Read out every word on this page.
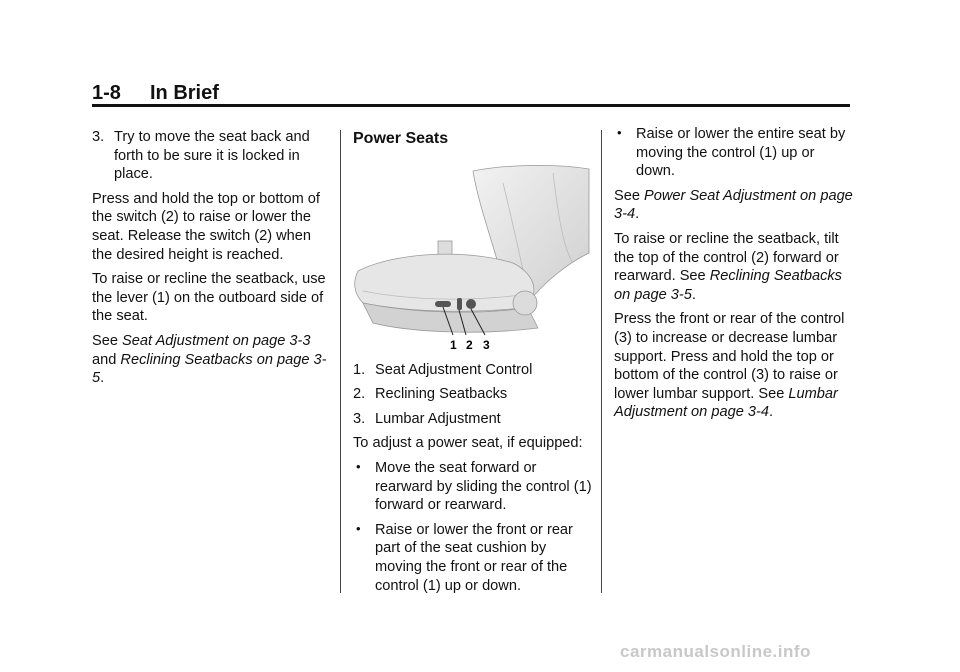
1-8 In Brief

3. Try to move the seat back and forth to be sure it is locked in place.

Press and hold the top or bottom of the switch (2) to raise or lower the seat. Release the switch (2) when the desired height is reached.

To raise or recline the seatback, use the lever (1) on the outboard side of the seat.

See Seat Adjustment on page 3-3 and Reclining Seatbacks on page 3-5.

Power Seats
1 2 3

1. Seat Adjustment Control

2. Reclining Seatbacks

3. Lumbar Adjustment

To adjust a power seat, if equipped:

• Move the seat forward or rearward by sliding the control (1) forward or rearward.

• Raise or lower the front or rear part of the seat cushion by moving the front or rear of the control (1) up or down.

• Raise or lower the entire seat by moving the control (1) up or down.

See Power Seat Adjustment on page 3-4.

To raise or recline the seatback, tilt the top of the control (2) forward or rearward. See Reclining Seatbacks on page 3-5.

Press the front or rear of the control (3) to increase or decrease lumbar support. Press and hold the top or bottom of the control (3) to raise or lower lumbar support. See Lumbar Adjustment on page 3-4.

carmanualsonline.info
